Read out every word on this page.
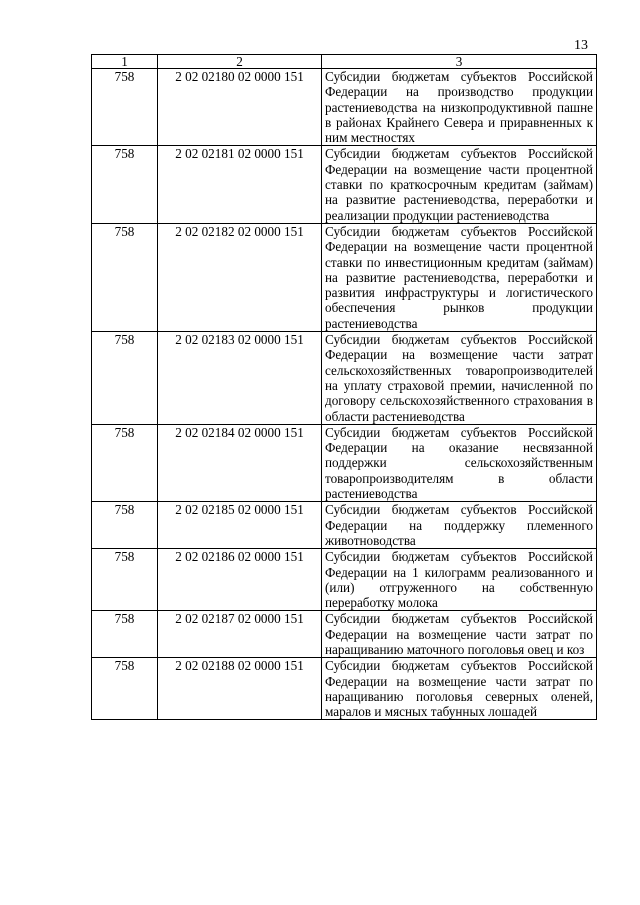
13
1	2	3
758	2 02 02180 02 0000 151	Субсидии бюджетам субъектов Российской Федерации на производство продукции растениеводства на низкопродуктивной пашне в районах Крайнего Севера и приравненных к ним местностях
758	2 02 02181 02 0000 151	Субсидии бюджетам субъектов Российской Федерации на возмещение части процентной ставки по краткосрочным кредитам (займам) на развитие растениеводства, переработки и реализации продукции растениеводства
758	2 02 02182 02 0000 151	Субсидии бюджетам субъектов Российской Федерации на возмещение части процентной ставки по инвестиционным кредитам (займам) на развитие растениеводства, переработки и развития инфраструктуры и логистического обеспечения рынков продукции растениеводства
758	2 02 02183 02 0000 151	Субсидии бюджетам субъектов Российской Федерации на возмещение части затрат сельскохозяйственных товаропроизводителей на уплату страховой премии, начисленной по договору сельскохозяйственного страхования в области растениеводства
758	2 02 02184 02 0000 151	Субсидии бюджетам субъектов Российской Федерации на оказание несвязанной поддержки сельскохозяйственным товаропроизводителям в области растениеводства
758	2 02 02185 02 0000 151	Субсидии бюджетам субъектов Российской Федерации на поддержку племенного животноводства
758	2 02 02186 02 0000 151	Субсидии бюджетам субъектов Российской Федерации на 1 килограмм реализованного и (или) отгруженного на собственную переработку молока
758	2 02 02187 02 0000 151	Субсидии бюджетам субъектов Российской Федерации на возмещение части затрат по наращиванию маточного поголовья овец и коз
758	2 02 02188 02 0000 151	Субсидии бюджетам субъектов Российской Федерации на возмещение части затрат по наращиванию поголовья северных оленей, маралов и мясных табунных лошадей
